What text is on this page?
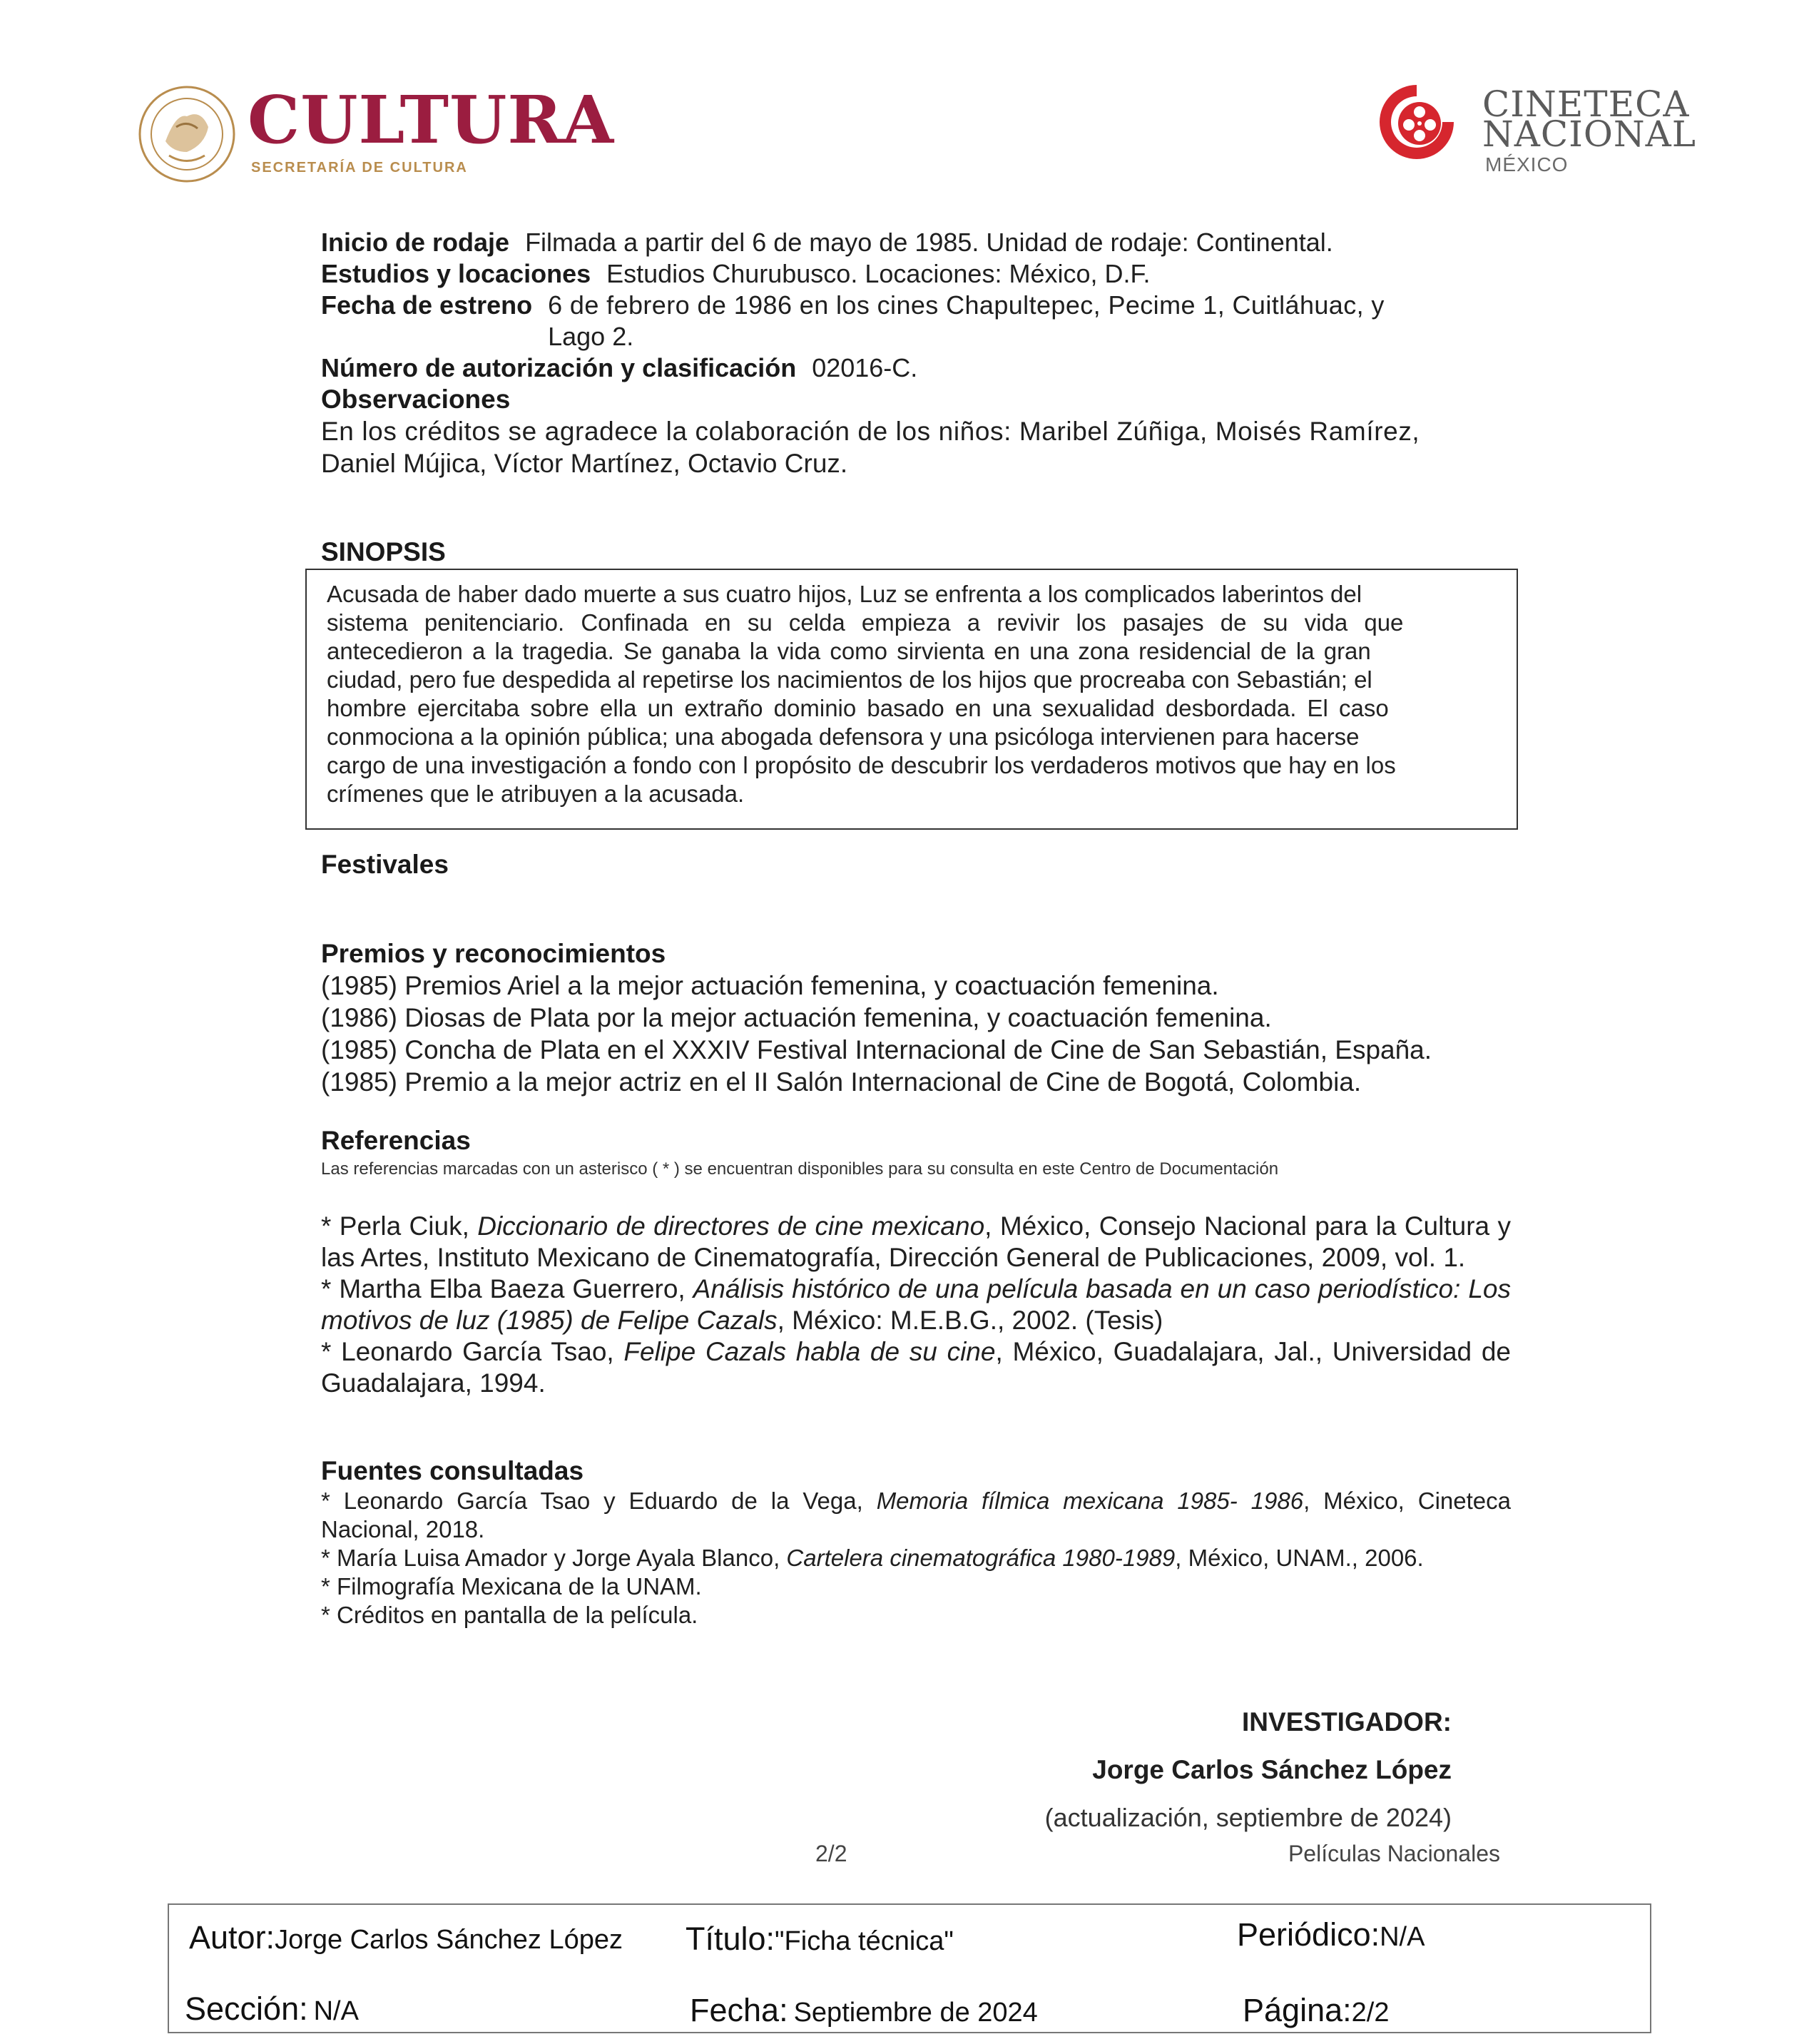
CULTURA
SECRETARÍA DE CULTURA
CINETECA
NACIONAL
MÉXICO
Inicio de rodaje Filmada a partir del 6 de mayo de 1985. Unidad de rodaje: Continental.
Estudios y locaciones Estudios Churubusco. Locaciones: México, D.F.
Fecha de estreno 6 de febrero de 1986 en los cines Chapultepec, Pecime 1, Cuitláhuac, y
Lago 2.
Número de autorización y clasificación 02016-C.
Observaciones
En los créditos se agradece la colaboración de los niños: Maribel Zúñiga, Moisés Ramírez,
Daniel Mújica, Víctor Martínez, Octavio Cruz.
SINOPSIS
Acusada de haber dado muerte a sus cuatro hijos, Luz se enfrenta a los complicados laberintos del
sistema penitenciario. Confinada en su celda empieza a revivir los pasajes de su vida que
antecedieron a la tragedia. Se ganaba la vida como sirvienta en una zona residencial de la gran
ciudad, pero fue despedida al repetirse los nacimientos de los hijos que procreaba con Sebastián; el
hombre ejercitaba sobre ella un extraño dominio basado en una sexualidad desbordada. El caso
conmociona a la opinión pública; una abogada defensora y una psicóloga intervienen para hacerse
cargo de una investigación a fondo con l propósito de descubrir los verdaderos motivos que hay en los
crímenes que le atribuyen a la acusada.
Festivales
Premios y reconocimientos
(1985) Premios Ariel a la mejor actuación femenina, y coactuación femenina.
(1986) Diosas de Plata por la mejor actuación femenina, y coactuación femenina.
(1985) Concha de Plata en el XXXIV Festival Internacional de Cine de San Sebastián, España.
(1985) Premio a la mejor actriz en el II Salón Internacional de Cine de Bogotá, Colombia.
Referencias
Las referencias marcadas con un asterisco ( * ) se encuentran disponibles para su consulta en este Centro de Documentación
* Perla Ciuk, Diccionario de directores de cine mexicano, México, Consejo Nacional para la Cultura y las Artes, Instituto Mexicano de Cinematografía, Dirección General de Publicaciones, 2009, vol. 1.
* Martha Elba Baeza Guerrero, Análisis histórico de una película basada en un caso periodístico: Los motivos de luz (1985) de Felipe Cazals, México: M.E.B.G., 2002. (Tesis)
* Leonardo García Tsao, Felipe Cazals habla de su cine, México, Guadalajara, Jal., Universidad de Guadalajara, 1994.
Fuentes consultadas
* Leonardo García Tsao y Eduardo de la Vega, Memoria fílmica mexicana 1985- 1986, México, Cineteca Nacional, 2018.
* María Luisa Amador y Jorge Ayala Blanco, Cartelera cinematográfica 1980-1989, México, UNAM., 2006.
* Filmografía Mexicana de la UNAM.
* Créditos en pantalla de la película.
INVESTIGADOR:
Jorge Carlos Sánchez López
(actualización, septiembre de 2024)
2/2	Películas Nacionales
Autor: Jorge Carlos Sánchez López Título: "Ficha técnica"	Periódico: N/A
Sección: N/A	Fecha: Septiembre de 2024	Página: 2/2
